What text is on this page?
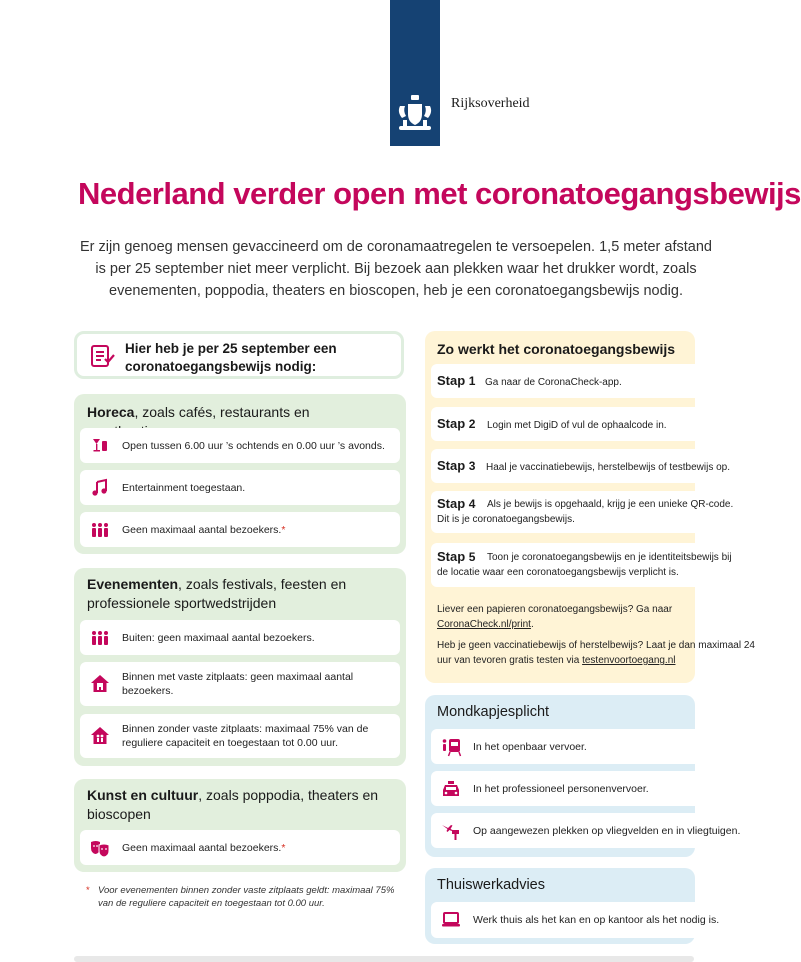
Rijksoverheid
Nederland verder open met coronatoegangsbewijs
Er zijn genoeg mensen gevaccineerd om de coronamaatregelen te versoepelen. 1,5 meter afstand
is per 25 september niet meer verplicht. Bij bezoek aan plekken waar het drukker wordt, zoals
evenementen, poppodia, theaters en bioscopen, heb je een coronatoegangsbewijs nodig.
Hier heb je per 25 september een coronatoegangsbewijs nodig:
Horeca, zoals cafés, restaurants en
Open tussen 6.00 uur ’s ochtends en 0.00 uur ’s avonds.
Entertainment toegestaan.
Geen maximaal aantal bezoekers.*
Evenementen, zoals festivals, feesten en professionele sportwedstrijden
Buiten: geen maximaal aantal bezoekers.
Binnen met vaste zitplaats: geen maximaal aantal bezoekers.
Binnen zonder vaste zitplaats: maximaal 75% van de reguliere capaciteit en toegestaan tot 0.00 uur.
Kunst en cultuur, zoals poppodia, theaters en bioscopen
Geen maximaal aantal bezoekers.*
* Voor evenementen binnen zonder vaste zitplaats geldt: maximaal 75% van de reguliere capaciteit en toegestaan tot 0.00 uur.
Zo werkt het coronatoegangsbewijs
Stap 1 Ga naar de CoronaCheck-app.
Stap 2 Login met DigiD of vul de ophaalcode in.
Stap 3 Haal je vaccinatiebewijs, herstelbewijs of testbewijs op.
Stap 4 Als je bewijs is opgehaald, krijg je een unieke QR-code.
Dit is je coronatoegangsbewijs.
Stap 5 Toon je coronatoegangsbewijs en je identiteitsbewijs bij
de locatie waar een coronatoegangsbewijs verplicht is.
Liever een papieren coronatoegangsbewijs? Ga naar
CoronaCheck.nl/print.
Heb je geen vaccinatiebewijs of herstelbewijs? Laat je dan maximaal 24
uur van tevoren gratis testen via testenvoortoegang.nl
Mondkapjesplicht
In het openbaar vervoer.
In het professioneel personenvervoer.
Op aangewezen plekken op vliegvelden en in vliegtuigen.
Thuiswerkadvies
Werk thuis als het kan en op kantoor als het nodig is.
